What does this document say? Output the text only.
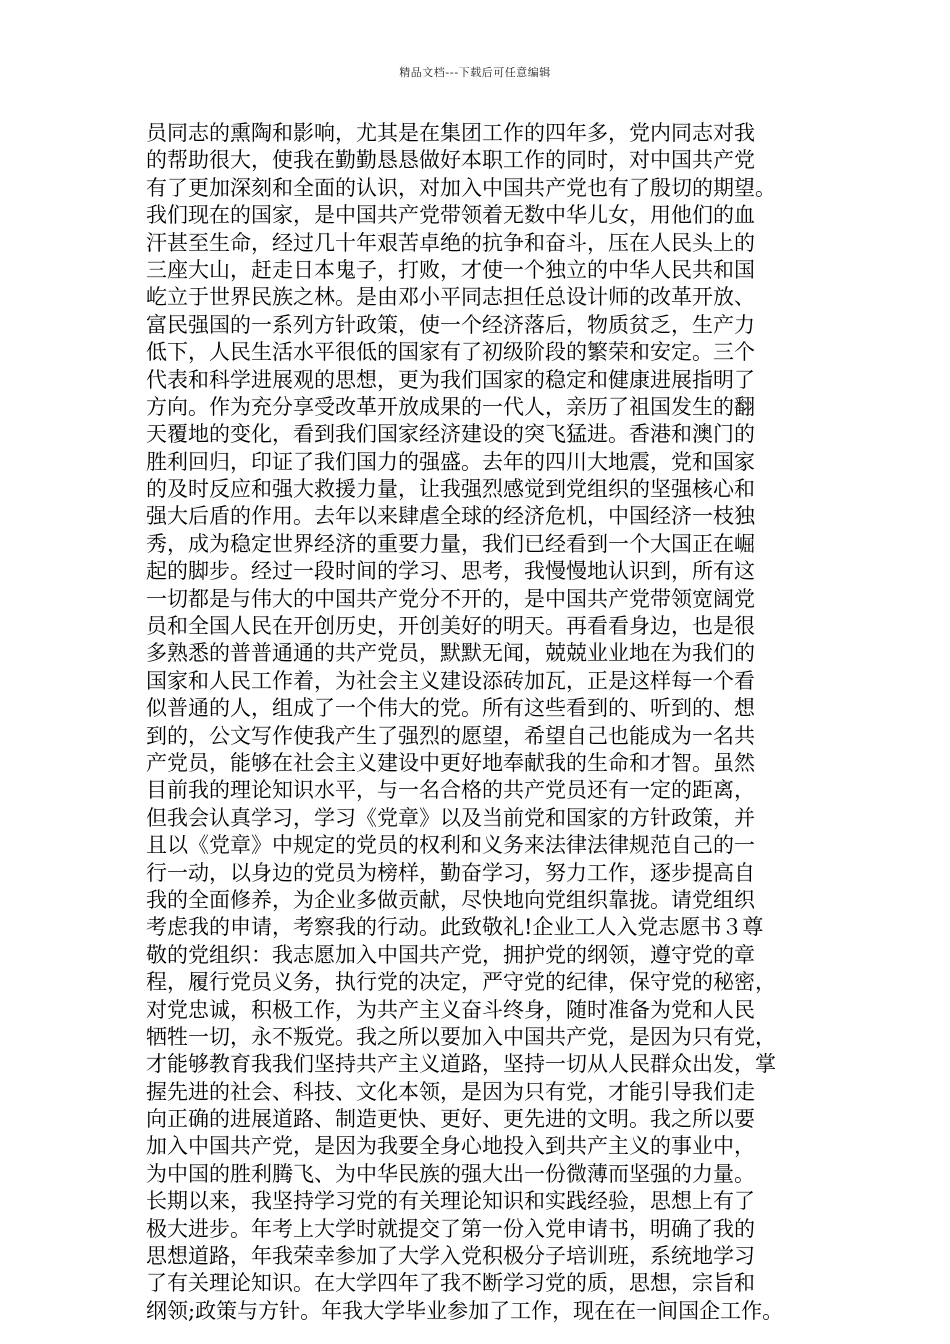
精品文档---下载后可任意编辑
员同志的熏陶和影响，尤其是在集团工作的四年多，党内同志对我
的帮助很大，使我在勤勤恳恳做好本职工作的同时，对中国共产党
有了更加深刻和全面的认识，对加入中国共产党也有了殷切的期望。
我们现在的国家，是中国共产党带领着无数中华儿女，用他们的血
汗甚至生命，经过几十年艰苦卓绝的抗争和奋斗，压在人民头上的
三座大山，赶走日本鬼子，打败，才使一个独立的中华人民共和国
屹立于世界民族之林。是由邓小平同志担任总设计师的改革开放、
富民强国的一系列方针政策，使一个经济落后，物质贫乏，生产力
低下，人民生活水平很低的国家有了初级阶段的繁荣和安定。三个
代表和科学进展观的思想，更为我们国家的稳定和健康进展指明了
方向。作为充分享受改革开放成果的一代人，亲历了祖国发生的翻
天覆地的变化，看到我们国家经济建设的突飞猛进。香港和澳门的
胜利回归，印证了我们国力的强盛。去年的四川大地震，党和国家
的及时反应和强大救援力量，让我强烈感觉到党组织的坚强核心和
强大后盾的作用。去年以来肆虐全球的经济危机，中国经济一枝独
秀，成为稳定世界经济的重要力量，我们已经看到一个大国正在崛
起的脚步。经过一段时间的学习、思考，我慢慢地认识到，所有这
一切都是与伟大的中国共产党分不开的，是中国共产党带领宽阔党
员和全国人民在开创历史，开创美好的明天。再看看身边，也是很
多熟悉的普普通通的共产党员，默默无闻，兢兢业业地在为我们的
国家和人民工作着，为社会主义建设添砖加瓦，正是这样每一个看
似普通的人，组成了一个伟大的党。所有这些看到的、听到的、想
到的，公文写作使我产生了强烈的愿望，希望自己也能成为一名共
产党员，能够在社会主义建设中更好地奉献我的生命和才智。虽然
目前我的理论知识水平，与一名合格的共产党员还有一定的距离，
但我会认真学习，学习《党章》以及当前党和国家的方针政策，并
且以《党章》中规定的党员的权利和义务来法律法律规范自己的一
行一动，以身边的党员为榜样，勤奋学习，努力工作，逐步提高自
我的全面修养，为企业多做贡献，尽快地向党组织靠拢。请党组织
考虑我的申请，考察我的行动。此致敬礼!企业工人入党志愿书３尊
敬的党组织：我志愿加入中国共产党，拥护党的纲领，遵守党的章
程，履行党员义务，执行党的决定，严守党的纪律，保守党的秘密，
对党忠诚，积极工作，为共产主义奋斗终身，随时准备为党和人民
牺牲一切，永不叛党。我之所以要加入中国共产党，是因为只有党，
才能够教育我我们坚持共产主义道路，坚持一切从人民群众出发，掌
握先进的社会、科技、文化本领，是因为只有党，才能引导我们走
向正确的进展道路、制造更快、更好、更先进的文明。我之所以要
加入中国共产党，是因为我要全身心地投入到共产主义的事业中，
为中国的胜利腾飞、为中华民族的强大出一份微薄而坚强的力量。
长期以来，我坚持学习党的有关理论知识和实践经验，思想上有了
极大进步。年考上大学时就提交了第一份入党申请书，明确了我的
思想道路，年我荣幸参加了大学入党积极分子培训班，系统地学习
了有关理论知识。在大学四年了我不断学习党的质，思想，宗旨和
纲领;政策与方针。年我大学毕业参加了工作，现在在一间国企工作。
